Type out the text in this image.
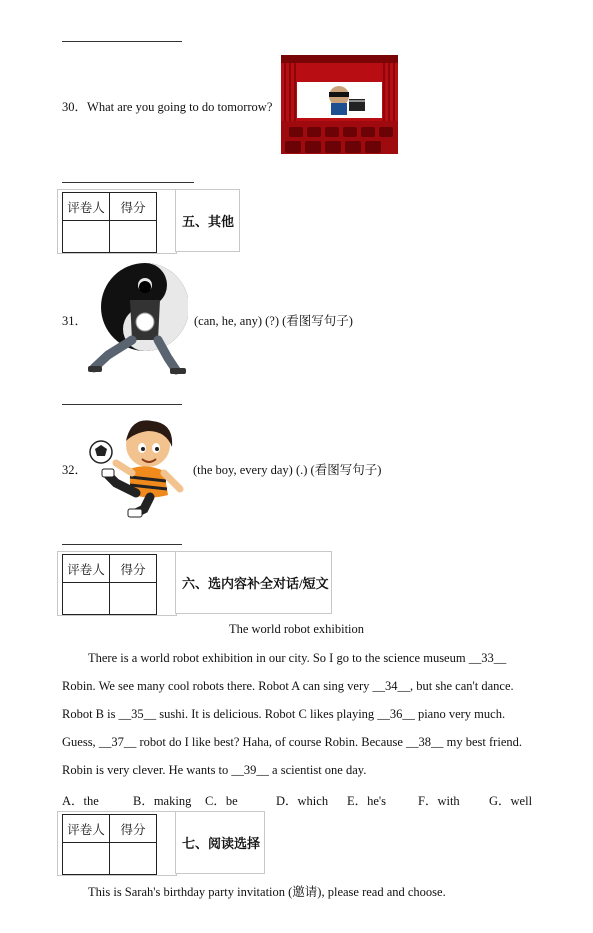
30．What are you going to do tomorrow?
评卷人	得分

五、其他
31．	(can, he, any) (?) (看图写句子)
32．	(the boy, every day) (.) (看图写句子)
评卷人	得分

六、选内容补全对话/短文
The world robot exhibition
There is a world robot exhibition in our city. So I go to the science museum __33__
Robin. We see many cool robots there. Robot A can sing very __34__, but she can't dance.
Robot B is __35__ sushi. It is delicious. Robot C likes playing __36__ piano very much.
Guess, __37__ robot do I like best? Haha, of course Robin. Because __38__ my best friend.
Robin is very clever. He wants to __39__ a scientist one day.
A．the	B．making C．be	D．which E．he's	F．with G．well
评卷人	得分

七、阅读选择
This is Sarah's birthday party invitation (邀请), please read and choose.
